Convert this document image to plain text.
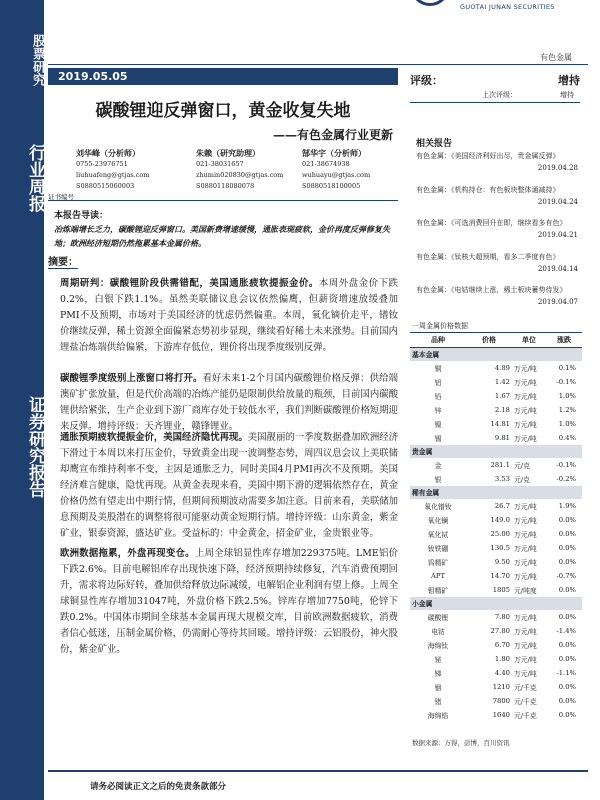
股票研究
行业周报
证券研究报告
GUOTAI JUNAN SECURITIES
有色金属
2019.05.05
碳酸锂迎反弹窗口，黄金收复失地
——有色金属行业更新
刘华峰（分析师）
0755-23976751
liuhuafeng@gtjas.com
S0880515060003
朱赖（研究助理）
021-38031657
zhumin020830@gtjas.com
S0880118080078
郜华宇（分析师）
021-38674938
wuhuayu@gtjas.com
S0880518100005
证书编号
本报告导读：
冶炼端增长乏力，碳酸锂迎反弹窗口。美国新费增速缓慢，通胀表现疲软，金价再度反弹修复失地；欧洲经济短期仍然拖累基本金属价格。
摘要：
周期研判：碳酸锂阶段供需错配，美国通胀疲软提振金价。本周外盘金价下跌0.2%，白银下跌1.1%。虽然美联储议息会议依然偏鹰，但薪资增速放缓叠加PMI不及预期，市场对于美国经济的忧虑仍然偏重。本周，氧化镝价走平，镨钕价继续反弹，稀土资源全面偏紧态势初步显现，继续看好稀土未来涨势。目前国内锂盐冶炼端供给偏紧，下游库存低位，锂价将出现季度级别反弹。
碳酸锂季度级别上涨窗口将打开。看好未来1-2个月国内碳酸锂价格反弹：供给端澳矿扩张放量，但是代价高端的冶炼产能仍是限制供给放量的瓶颈，目前国内碳酸锂供给紧张，生产企业到下游厂商库存处于较低水平，我们判断碳酸锂价格短期迎来反弹。增持评级：天齐锂业，赣锋锂业。
通胀预期疲软提振金价，美国经济隐忧再现。美国靓丽的一季度数据叠加欧洲经济下滑过于本周以来打压金价，导致黄金出现一波调整态势，周四议息会议上美联储却鹰宣布维持利率不变，主因是通胀乏力，同时美国4月PMI再次不及预期。美国经济难言健康，隐忧再现。从黄金表现来看，美国中期下滑的逻辑依然存在，黄金价格仍然有望走出中期行情，但期间预期波动需要多加注意。目前来看，美联储加息预期及美股潜在的调整将很可能驱动黄金短期行情。增持评级：山东黄金，紫金矿业，银泰资源，盛达矿业。受益标的：中金黄金，招金矿业，金贵银业等。
欧洲数据拖累，外盘再现变仓。上周全球铝显性库存增加229375吨。LME铝价下跌2.6%。目前电解铝库存出现快速下降，经济预期持续修复，汽车消费预期回升，需求将边际好转，叠加供给释放边际减缓，电解铝企业利润有望上修。上周全球铜显性库存增加31047吨，外盘价格下跌2.5%。锌库存增加7750吨，伦锌下跌0.2%。中国体市期间全球基本金属再现大规模交库，目前欧洲数据疲软，消费者信心低迷，压制金属价格，仍需耐心等待其回暖。增持评级：云铝股份，神火股份，紫金矿业。
评级：	增持
上次评级：	增持
相关报告
有色金属：《美国经济利好出尽，贵金属反弹》
2019.04.28
有色金属：《机构持仓：有色板块整体通减持》
2019.04.24
有色金属：《可选消费回升在即，继续看多有色》
2019.04.21
有色金属：《钛核大超预期，看多二季度有色》
2019.04.14
有色金属：《电钴继续上涨，稀土板块蓄势待发》
2019.04.07
一周金属价格数据
品种	价格	单位	涨跌
基本金属			
铜	4.89	万元/吨	0.1%
铝	1.42	万元/吨	-0.1%
铅	1.67	万元/吨	1.0%
锌	2.18	万元/吨	1.2%
镍	14.81	万元/吨	1.0%
锡	9.81	万元/吨	0.4%
贵金属			
金	281.1	元/克	-0.1%
银	3.53	元/克	-0.2%
稀有金属			
氧化镨钕	26.7	万元/吨	1.9%
氧化镧	149.0	万元/吨	0.0%
氧化铽	25.00	万元/吨	0.0%
钕铁硼	130.5	万元/吨	0.0%
钨精矿	9.50	万元/吨	0.0%
APT	14.70	万元/吨	-0.7%
钼精矿	1805	元/吨度	0.0%
小金属			
碳酸锂	7.80	万元/吨	0.0%
电钴	27.80	万元/吨	-1.4%
海绵钛	6.70	万元/吨	0.0%
铋	1.80	万元/吨	0.0%
锑	4.40	万元/吨	-1.1%
铟	1210	元/千克	0.0%
锗	7800	元/千克	0.0%
海绵锆	1640	元/千克	0.0%
数据来源：万得，彭博，百川资讯
请务必阅读正文之后的免责条款部分
